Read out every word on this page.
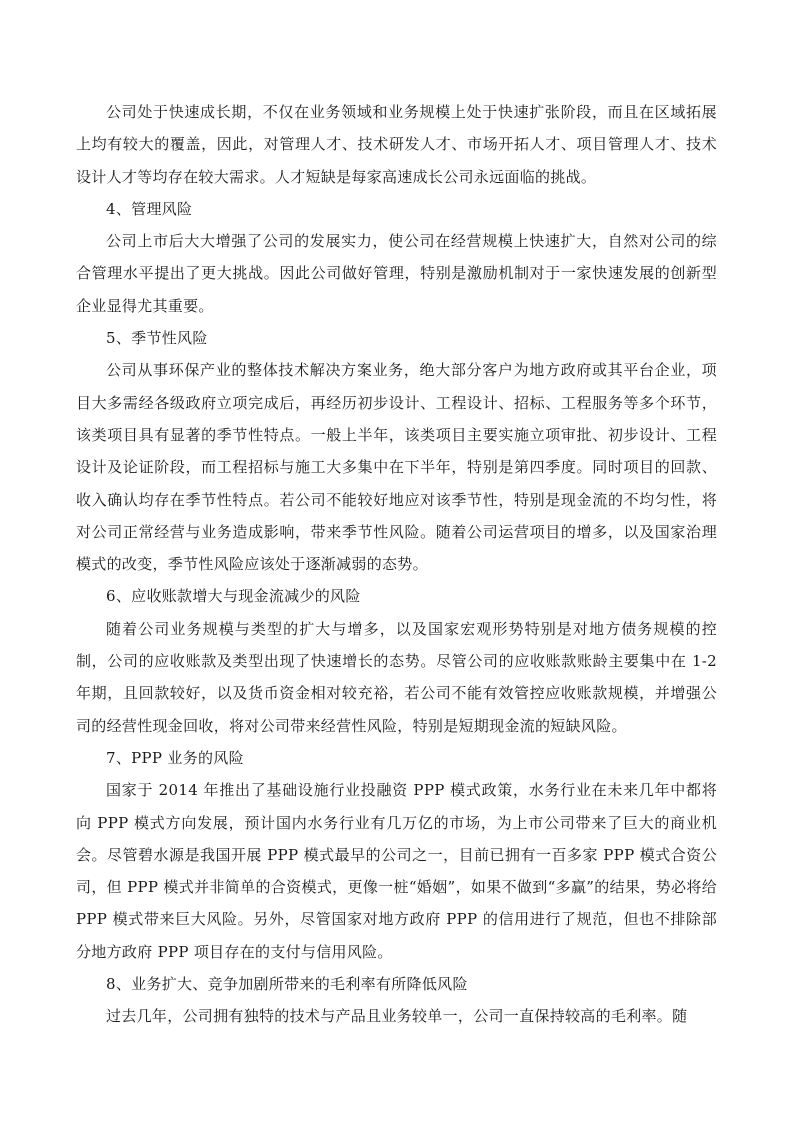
公司处于快速成长期，不仅在业务领域和业务规模上处于快速扩张阶段，而且在区域拓展上均有较大的覆盖，因此，对管理人才、技术研发人才、市场开拓人才、项目管理人才、技术设计人才等均存在较大需求。人才短缺是每家高速成长公司永远面临的挑战。

4、管理风险

公司上市后大大增强了公司的发展实力，使公司在经营规模上快速扩大，自然对公司的综合管理水平提出了更大挑战。因此公司做好管理，特别是激励机制对于一家快速发展的创新型企业显得尤其重要。

5、季节性风险

公司从事环保产业的整体技术解决方案业务，绝大部分客户为地方政府或其平台企业，项目大多需经各级政府立项完成后，再经历初步设计、工程设计、招标、工程服务等多个环节，该类项目具有显著的季节性特点。一般上半年，该类项目主要实施立项审批、初步设计、工程设计及论证阶段，而工程招标与施工大多集中在下半年，特别是第四季度。同时项目的回款、收入确认均存在季节性特点。若公司不能较好地应对该季节性，特别是现金流的不均匀性，将对公司正常经营与业务造成影响，带来季节性风险。随着公司运营项目的增多，以及国家治理模式的改变，季节性风险应该处于逐渐减弱的态势。

6、应收账款增大与现金流减少的风险

随着公司业务规模与类型的扩大与增多，以及国家宏观形势特别是对地方债务规模的控制，公司的应收账款及类型出现了快速增长的态势。尽管公司的应收账款账龄主要集中在 1-2 年期，且回款较好，以及货币资金相对较充裕，若公司不能有效管控应收账款规模，并增强公司的经营性现金回收，将对公司带来经营性风险，特别是短期现金流的短缺风险。

7、PPP 业务的风险

国家于 2014 年推出了基础设施行业投融资 PPP 模式政策，水务行业在未来几年中都将向 PPP 模式方向发展，预计国内水务行业有几万亿的市场，为上市公司带来了巨大的商业机会。尽管碧水源是我国开展 PPP 模式最早的公司之一，目前已拥有一百多家 PPP 模式合资公司，但 PPP 模式并非简单的合资模式，更像一桩“婚姻”，如果不做到“多赢”的结果，势必将给 PPP 模式带来巨大风险。另外，尽管国家对地方政府 PPP 的信用进行了规范，但也不排除部分地方政府 PPP 项目存在的支付与信用风险。

8、业务扩大、竞争加剧所带来的毛利率有所降低风险

过去几年，公司拥有独特的技术与产品且业务较单一，公司一直保持较高的毛利率。随
